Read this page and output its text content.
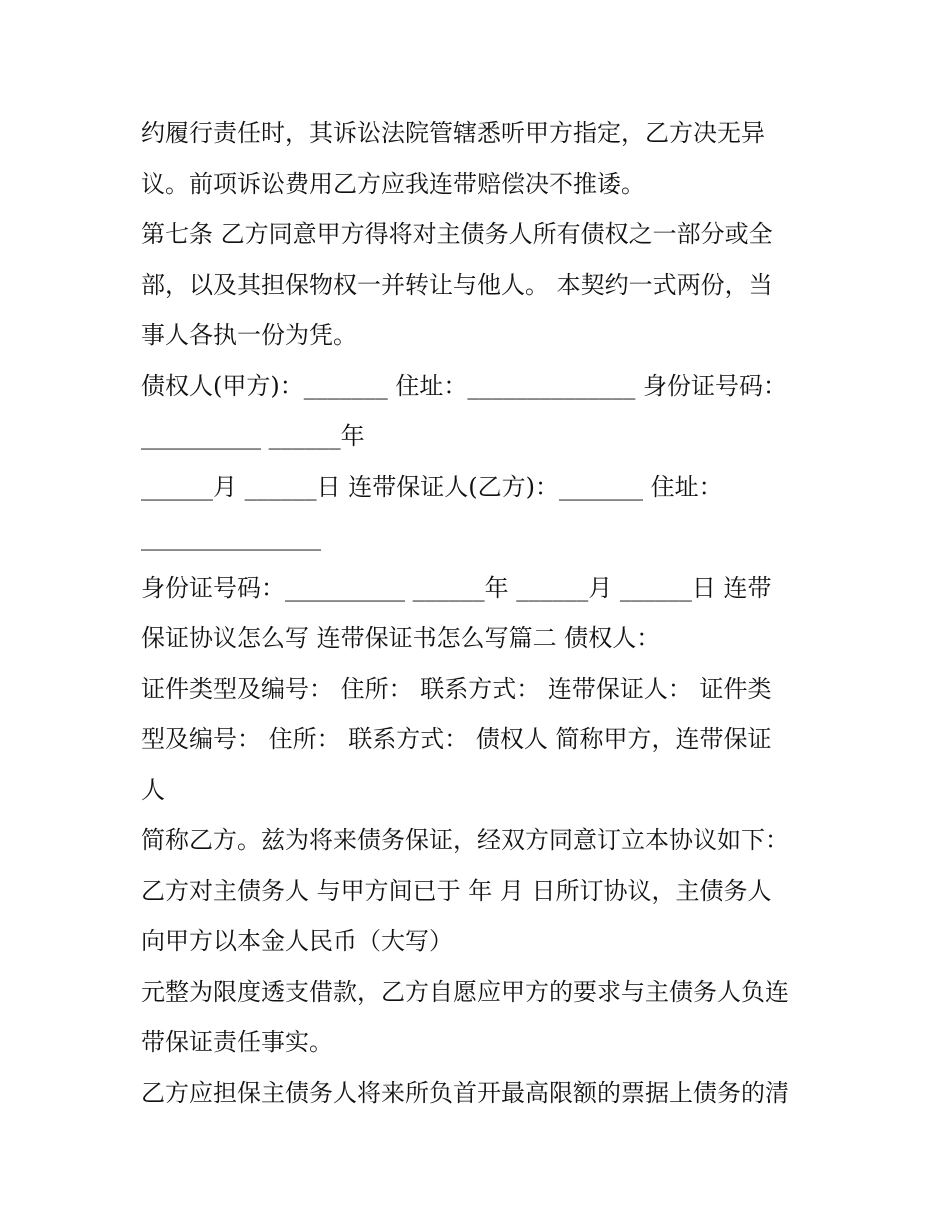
约履行责任时，其诉讼法院管辖悉听甲方指定，乙方决无异
议。前项诉讼费用乙方应我连带赔偿决不推诿。
第七条 乙方同意甲方得将对主债务人所有债权之一部分或全
部，以及其担保物权一并转让与他人。 本契约一式两份，当
事人各执一份为凭。
债权人(甲方)：_______ 住址：______________ 身份证号码：
__________ ______年
______月 ______日 连带保证人(乙方)：_______ 住址：
_______________
身份证号码：__________ ______年 ______月 ______日 连带
保证协议怎么写 连带保证书怎么写篇二 债权人：
证件类型及编号： 住所： 联系方式： 连带保证人： 证件类
型及编号： 住所： 联系方式： 债权人 简称甲方，连带保证
人
简称乙方。兹为将来债务保证，经双方同意订立本协议如下：
乙方对主债务人 与甲方间已于 年 月 日所订协议，主债务人
向甲方以本金人民币（大写）
元整为限度透支借款，乙方自愿应甲方的要求与主债务人负连
带保证责任事实。
乙方应担保主债务人将来所负首开最高限额的票据上债务的清
